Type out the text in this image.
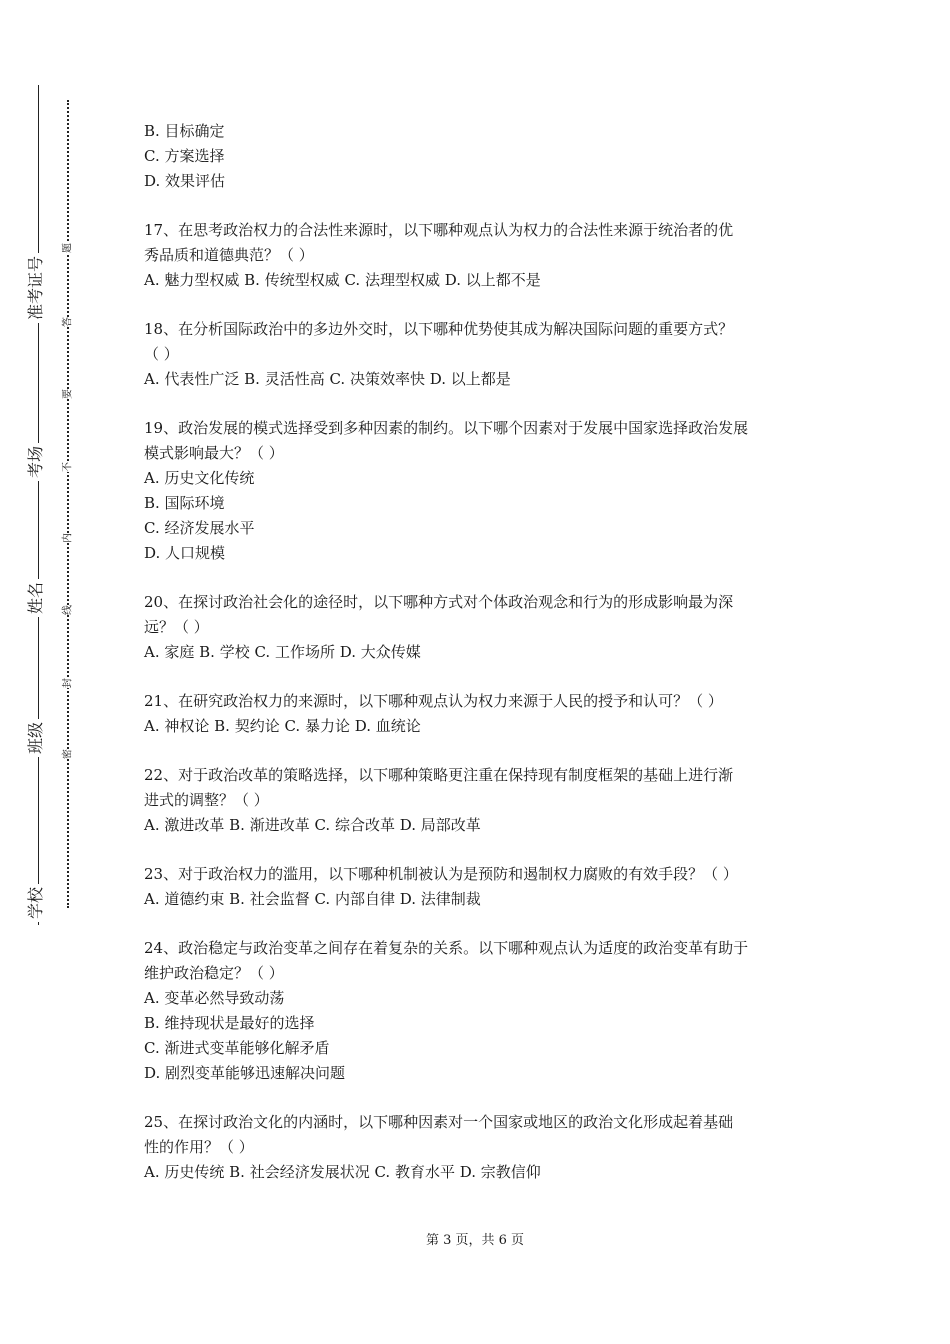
准考证号
考场
姓名
班级
学校
题
答
要
不
内
线
封
密
B. 目标确定
C. 方案选择
D. 效果评估
17、在思考政治权力的合法性来源时，以下哪种观点认为权力的合法性来源于统治者的优
秀品质和道德典范？（ ）
A. 魅力型权威 B. 传统型权威 C. 法理型权威 D. 以上都不是
18、在分析国际政治中的多边外交时，以下哪种优势使其成为解决国际问题的重要方式？
（ ）
A. 代表性广泛 B. 灵活性高 C. 决策效率快 D. 以上都是
19、政治发展的模式选择受到多种因素的制约。以下哪个因素对于发展中国家选择政治发展
模式影响最大？（ ）
A. 历史文化传统
B. 国际环境
C. 经济发展水平
D. 人口规模
20、在探讨政治社会化的途径时，以下哪种方式对个体政治观念和行为的形成影响最为深
远？（ ）
A. 家庭 B. 学校 C. 工作场所 D. 大众传媒
21、在研究政治权力的来源时，以下哪种观点认为权力来源于人民的授予和认可？（ ）
A. 神权论 B. 契约论 C. 暴力论 D. 血统论
22、对于政治改革的策略选择，以下哪种策略更注重在保持现有制度框架的基础上进行渐
进式的调整？（ ）
A. 激进改革 B. 渐进改革 C. 综合改革 D. 局部改革
23、对于政治权力的滥用，以下哪种机制被认为是预防和遏制权力腐败的有效手段？（ ）
A. 道德约束 B. 社会监督 C. 内部自律 D. 法律制裁
24、政治稳定与政治变革之间存在着复杂的关系。以下哪种观点认为适度的政治变革有助于
维护政治稳定？（ ）
A. 变革必然导致动荡
B. 维持现状是最好的选择
C. 渐进式变革能够化解矛盾
D. 剧烈变革能够迅速解决问题
25、在探讨政治文化的内涵时，以下哪种因素对一个国家或地区的政治文化形成起着基础
性的作用？（ ）
A. 历史传统 B. 社会经济发展状况 C. 教育水平 D. 宗教信仰
第 3 页，共 6 页
